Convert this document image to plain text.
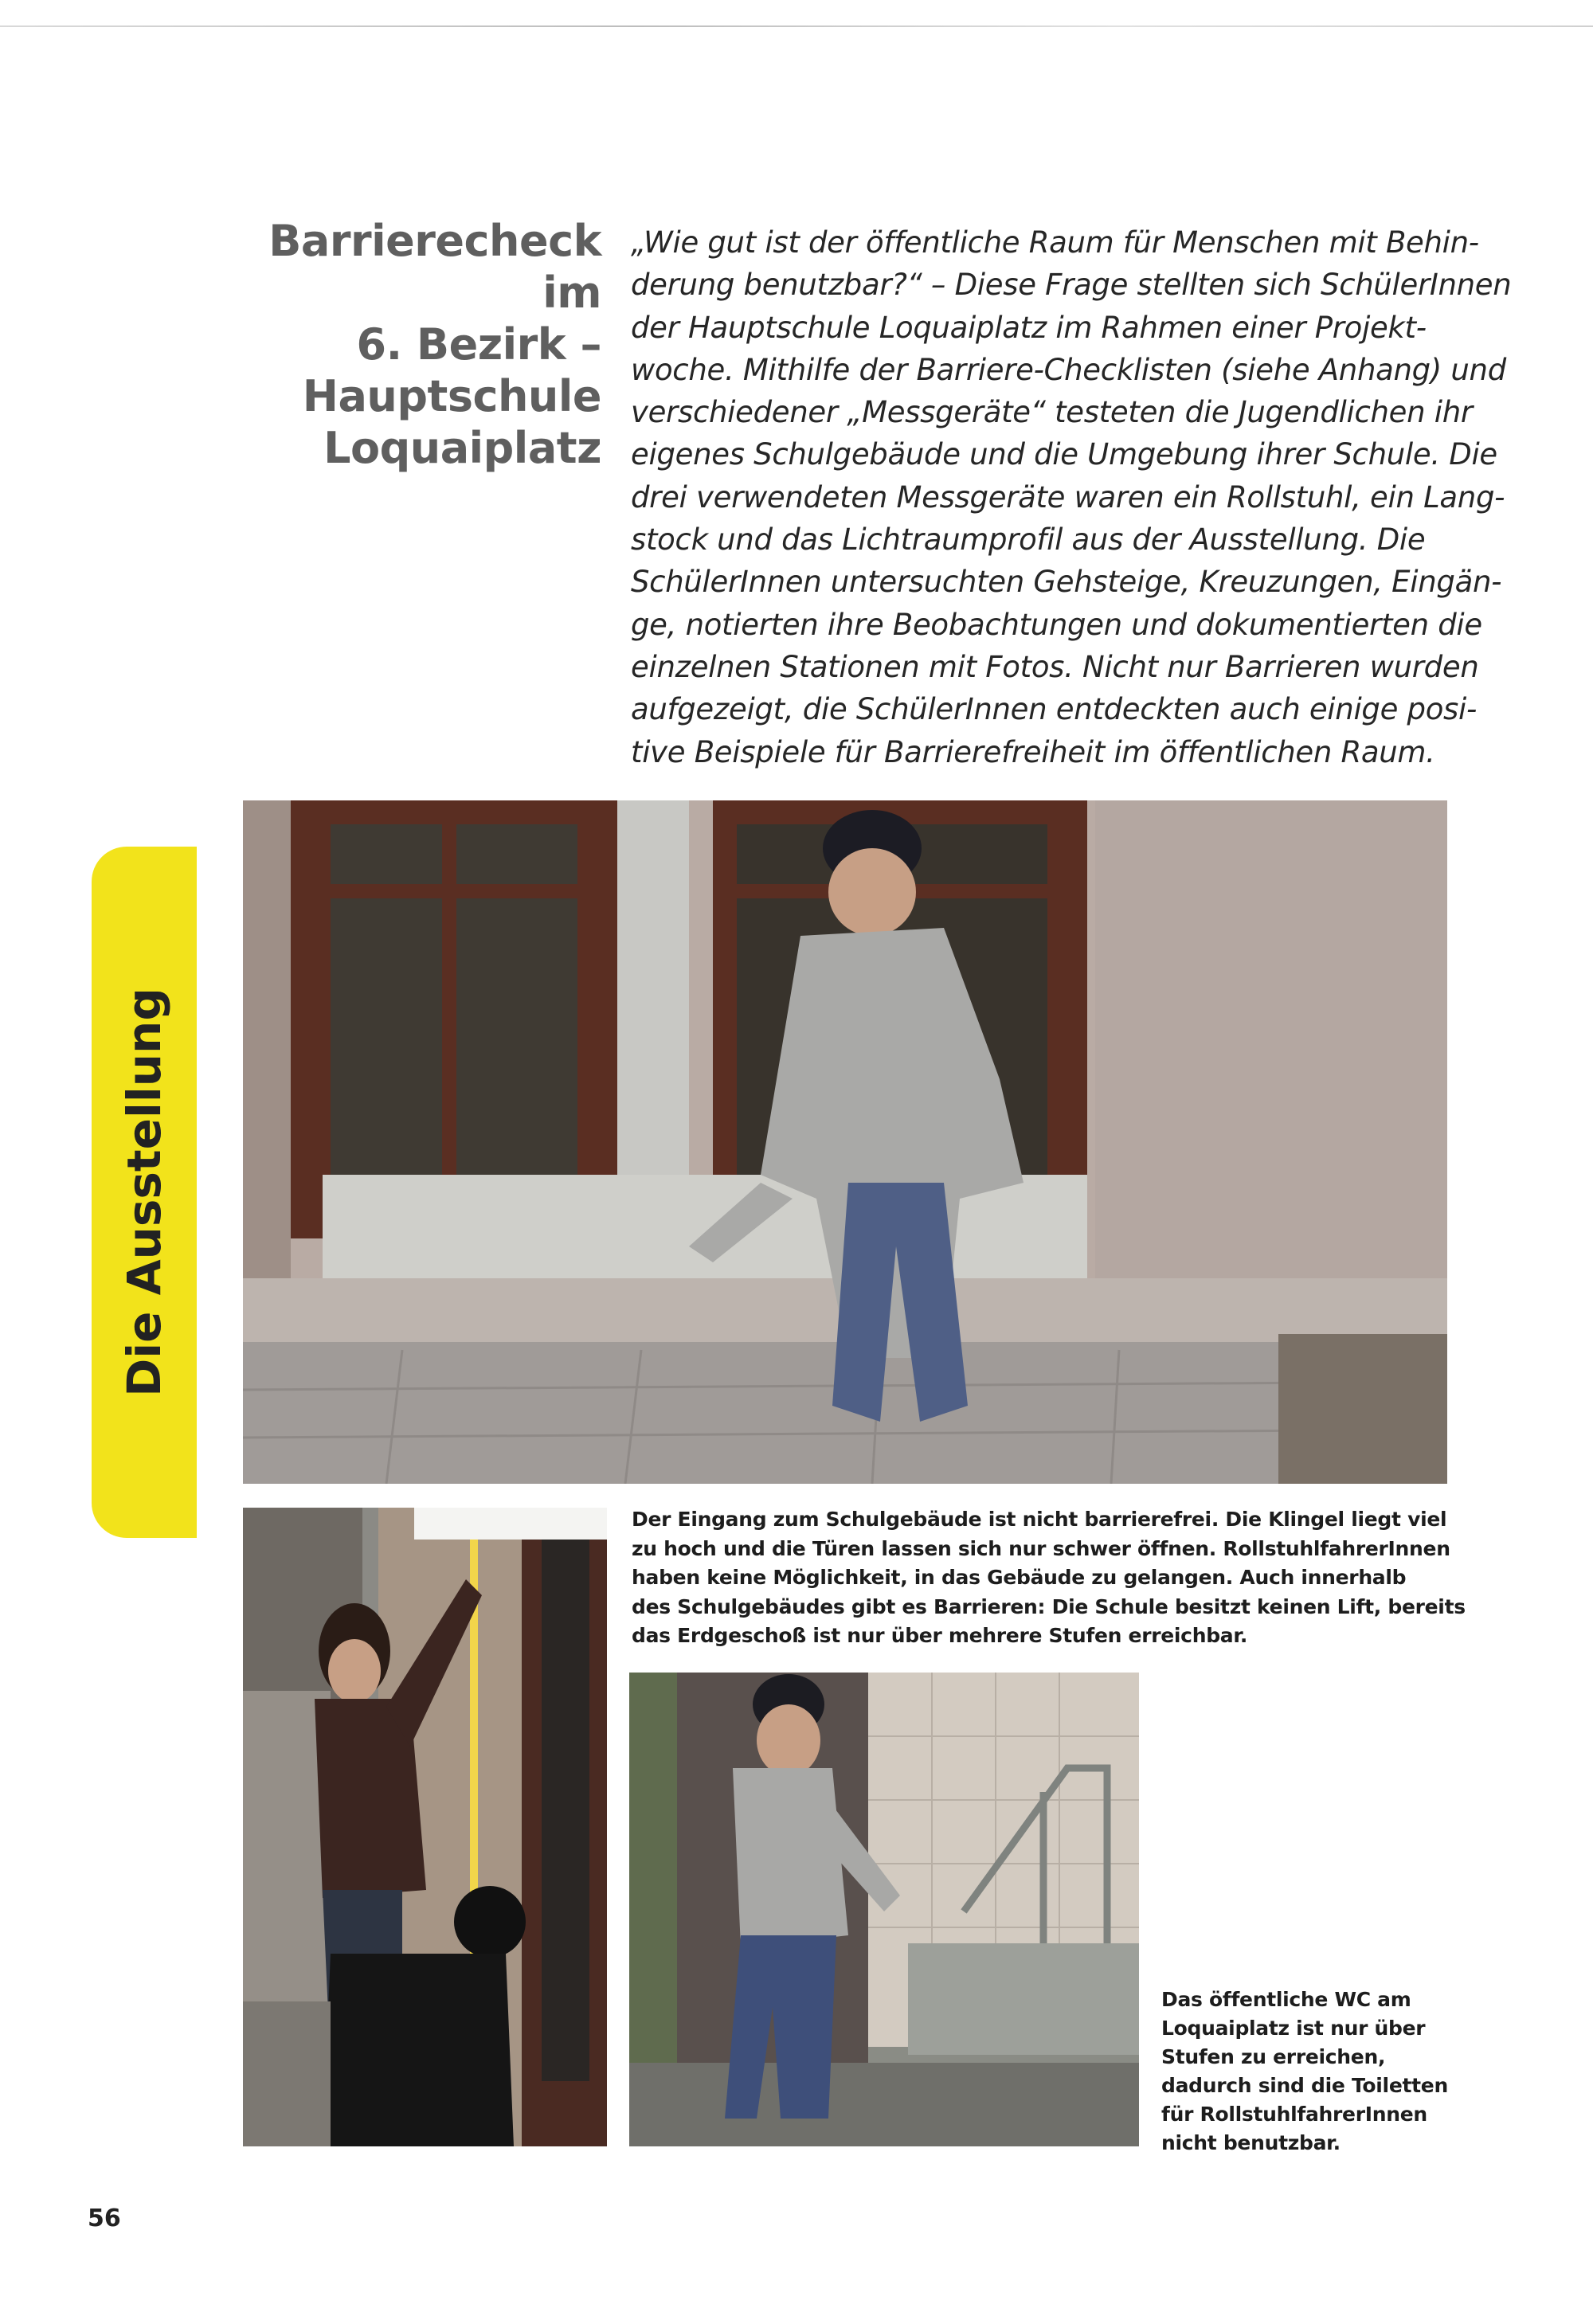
Barrierecheck im
6. Bezirk –
Hauptschule
Loquaiplatz
„Wie gut ist der öffentliche Raum für Menschen mit Behin-
derung benutzbar?“ – Diese Frage stellten sich SchülerInnen
der Hauptschule Loquaiplatz im Rahmen einer Projekt-
woche. Mithilfe der Barriere-Checklisten (siehe Anhang) und
verschiedener „Messgeräte“ testeten die Jugendlichen ihr
eigenes Schulgebäude und die Umgebung ihrer Schule. Die
drei verwendeten Messgeräte waren ein Rollstuhl, ein Lang-
stock und das Lichtraumprofil aus der Ausstellung. Die
SchülerInnen untersuchten Gehsteige, Kreuzungen, Eingän-
ge, notierten ihre Beobachtungen und dokumentierten die
einzelnen Stationen mit Fotos. Nicht nur Barrieren wurden
aufgezeigt, die SchülerInnen entdeckten auch einige posi-
tive Beispiele für Barrierefreiheit im öffentlichen Raum.
Die Ausstellung
Der Eingang zum Schulgebäude ist nicht barrierefrei. Die Klingel liegt viel
zu hoch und die Türen lassen sich nur schwer öffnen. RollstuhlfahrerInnen
haben keine Möglichkeit, in das Gebäude zu gelangen. Auch innerhalb
des Schulgebäudes gibt es Barrieren: Die Schule besitzt keinen Lift, bereits
das Erdgeschoß ist nur über mehrere Stufen erreichbar.
Das öffentliche WC am
Loquaiplatz ist nur über
Stufen zu erreichen,
dadurch sind die Toiletten
für RollstuhlfahrerInnen
nicht benutzbar.
56
